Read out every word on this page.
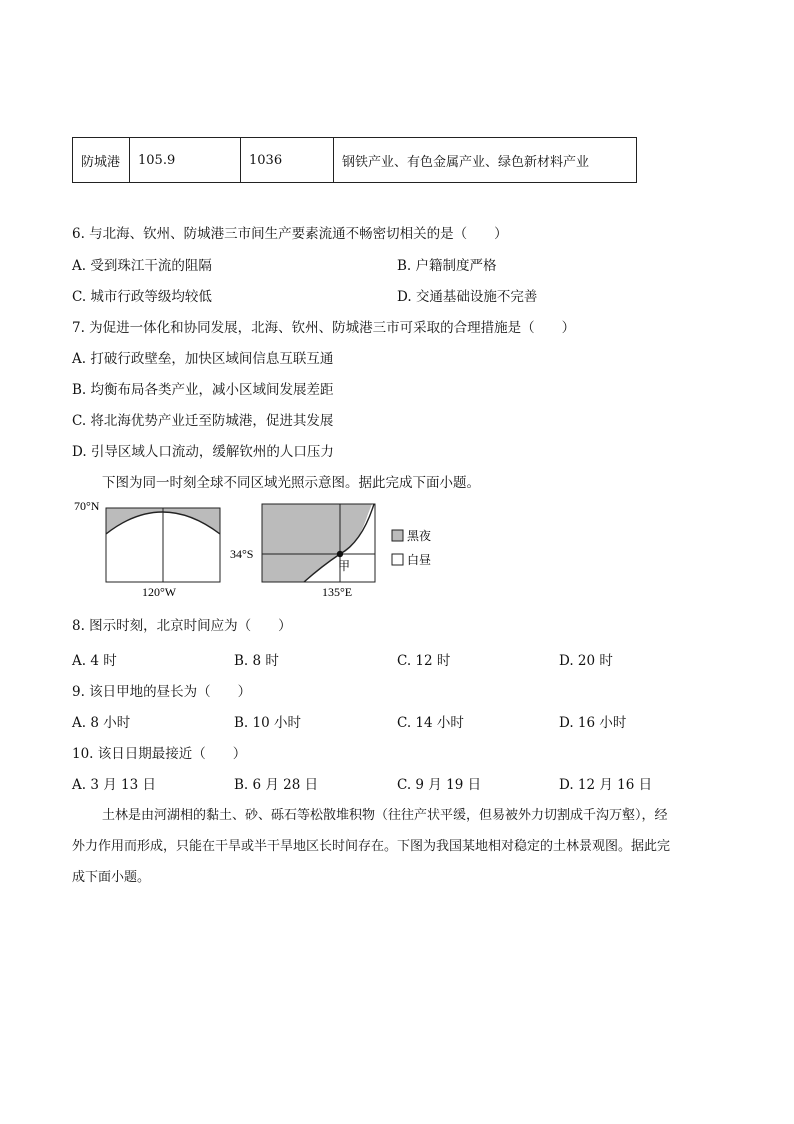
防城港	105.9	1036	钢铁产业、有色金属产业、绿色新材料产业
6. 与北海、钦州、防城港三市间生产要素流通不畅密切相关的是（　　）
A. 受到珠江干流的阻隔	B. 户籍制度严格
C. 城市行政等级均较低	D. 交通基础设施不完善
7. 为促进一体化和协同发展，北海、钦州、防城港三市可采取的合理措施是（　　）
A. 打破行政壁垒，加快区域间信息互联互通
B. 均衡布局各类产业，减小区域间发展差距
C. 将北海优势产业迁至防城港，促进其发展
D. 引导区域人口流动，缓解钦州的人口压力
下图为同一时刻全球不同区域光照示意图。据此完成下面小题。
70°N
120°W
34°S
甲
135°E
黑夜
白昼
8. 图示时刻，北京时间应为（　　）
A. 4 时	B. 8 时	C. 12 时	D. 20 时
9. 该日甲地的昼长为（　　）
A. 8 小时	B. 10 小时	C. 14 小时	D. 16 小时
10. 该日日期最接近（　　）
A. 3 月 13 日	B. 6 月 28 日	C. 9 月 19 日	D. 12 月 16 日
土林是由河湖相的黏土、砂、砾石等松散堆积物（往往产状平缓，但易被外力切割成千沟万壑），经
外力作用而形成，只能在干旱或半干旱地区长时间存在。下图为我国某地相对稳定的土林景观图。据此完
成下面小题。
